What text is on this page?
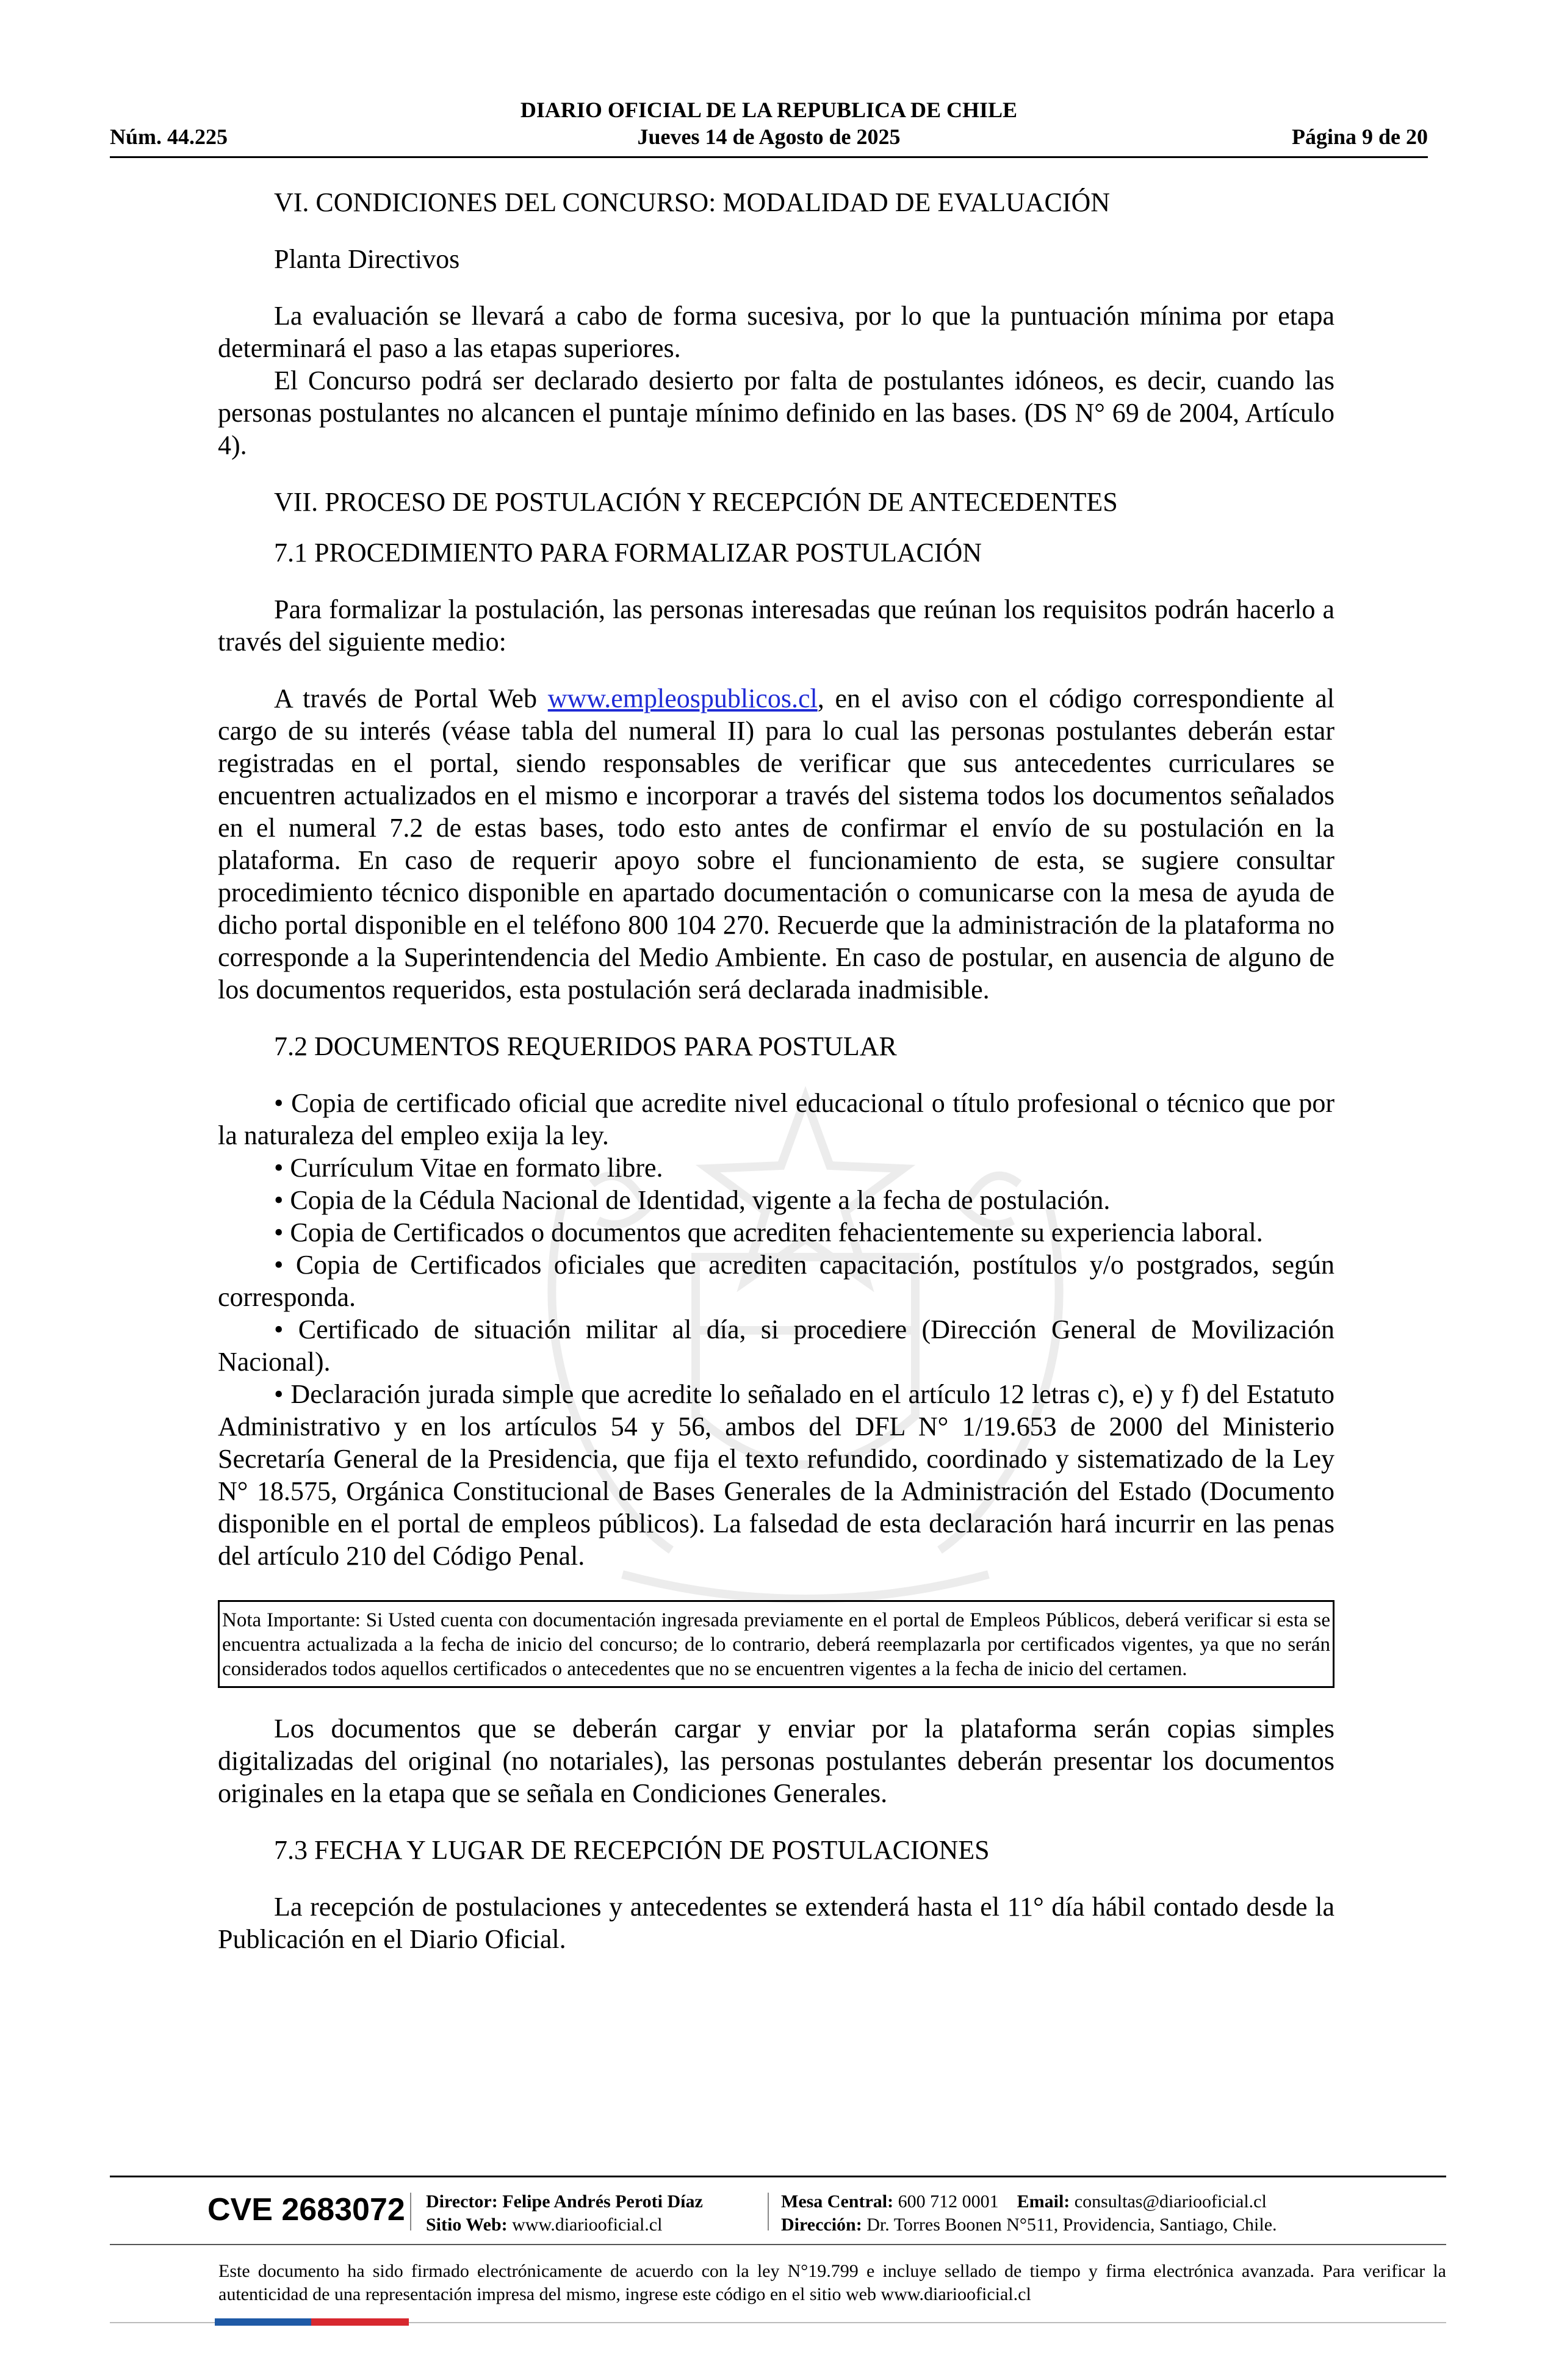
DIARIO OFICIAL DE LA REPUBLICA DE CHILE
Jueves 14 de Agosto de 2025
Núm. 44.225	Página 9 de 20

VI. CONDICIONES DEL CONCURSO: MODALIDAD DE EVALUACIÓN

Planta Directivos

La evaluación se llevará a cabo de forma sucesiva, por lo que la puntuación mínima por etapa determinará el paso a las etapas superiores.

El Concurso podrá ser declarado desierto por falta de postulantes idóneos, es decir, cuando las personas postulantes no alcancen el puntaje mínimo definido en las bases. (DS N° 69 de 2004, Artículo 4).

VII. PROCESO DE POSTULACIÓN Y RECEPCIÓN DE ANTECEDENTES

7.1 PROCEDIMIENTO PARA FORMALIZAR POSTULACIÓN

Para formalizar la postulación, las personas interesadas que reúnan los requisitos podrán hacerlo a través del siguiente medio:

A través de Portal Web www.empleospublicos.cl, en el aviso con el código correspondiente al cargo de su interés (véase tabla del numeral II) para lo cual las personas postulantes deberán estar registradas en el portal, siendo responsables de verificar que sus antecedentes curriculares se encuentren actualizados en el mismo e incorporar a través del sistema todos los documentos señalados en el numeral 7.2 de estas bases, todo esto antes de confirmar el envío de su postulación en la plataforma. En caso de requerir apoyo sobre el funcionamiento de esta, se sugiere consultar procedimiento técnico disponible en apartado documentación o comunicarse con la mesa de ayuda de dicho portal disponible en el teléfono 800 104 270. Recuerde que la administración de la plataforma no corresponde a la Superintendencia del Medio Ambiente. En caso de postular, en ausencia de alguno de los documentos requeridos, esta postulación será declarada inadmisible.

7.2 DOCUMENTOS REQUERIDOS PARA POSTULAR

• Copia de certificado oficial que acredite nivel educacional o título profesional o técnico que por la naturaleza del empleo exija la ley.

• Currículum Vitae en formato libre.

• Copia de la Cédula Nacional de Identidad, vigente a la fecha de postulación.

• Copia de Certificados o documentos que acrediten fehacientemente su experiencia laboral.

• Copia de Certificados oficiales que acrediten capacitación, postítulos y/o postgrados, según corresponda.

• Certificado de situación militar al día, si procediere (Dirección General de Movilización Nacional).

• Declaración jurada simple que acredite lo señalado en el artículo 12 letras c), e) y f) del Estatuto Administrativo y en los artículos 54 y 56, ambos del DFL N° 1/19.653 de 2000 del Ministerio Secretaría General de la Presidencia, que fija el texto refundido, coordinado y sistematizado de la Ley N° 18.575, Orgánica Constitucional de Bases Generales de la Administración del Estado (Documento disponible en el portal de empleos públicos). La falsedad de esta declaración hará incurrir en las penas del artículo 210 del Código Penal.

Nota Importante: Si Usted cuenta con documentación ingresada previamente en el portal de Empleos Públicos, deberá verificar si esta se encuentra actualizada a la fecha de inicio del concurso; de lo contrario, deberá reemplazarla por certificados vigentes, ya que no serán considerados todos aquellos certificados o antecedentes que no se encuentren vigentes a la fecha de inicio del certamen.

Los documentos que se deberán cargar y enviar por la plataforma serán copias simples digitalizadas del original (no notariales), las personas postulantes deberán presentar los documentos originales en la etapa que se señala en Condiciones Generales.

7.3 FECHA Y LUGAR DE RECEPCIÓN DE POSTULACIONES

La recepción de postulaciones y antecedentes se extenderá hasta el 11° día hábil contado desde la Publicación en el Diario Oficial.

CVE 2683072 Director: Felipe Andrés Peroti Díaz
Sitio Web: www.diariooficial.cl
Mesa Central: 600 712 0001 Email: consultas@diariooficial.cl
Dirección: Dr. Torres Boonen N°511, Providencia, Santiago, Chile.
Este documento ha sido firmado electrónicamente de acuerdo con la ley N°19.799 e incluye sellado de tiempo y firma electrónica avanzada. Para verificar la autenticidad de una representación impresa del mismo, ingrese este código en el sitio web www.diariooficial.cl
